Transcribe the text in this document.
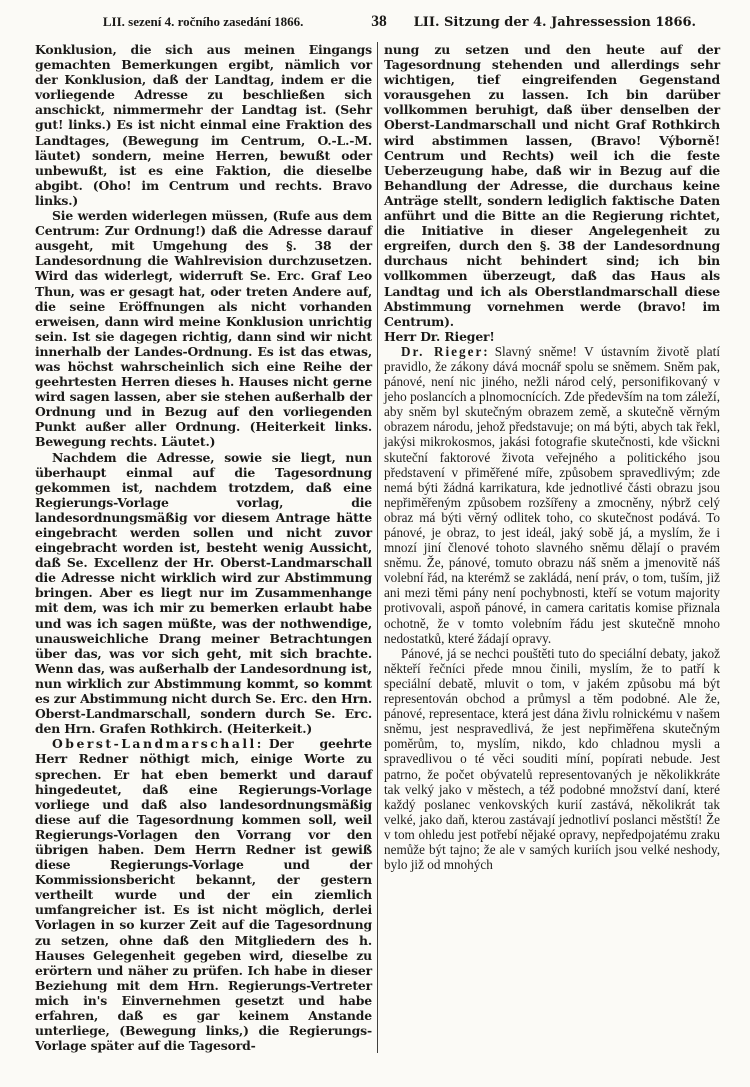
LII. sezení 4. ročního zasedání 1866.	38	LII. Sitzung der 4. Jahressession 1866.

Konklusion, die sich aus meinen Eingangs gemachten Bemerkungen ergibt, nämlich vor der Konklusion, daß der Landtag, indem er die vorliegende Adresse zu beschließen sich anschickt, nimmermehr der Landtag ist. (Sehr gut! links.) Es ist nicht einmal eine Fraktion des Landtages, (Bewegung im Centrum, O.-L.-M. läutet) sondern, meine Herren, bewußt oder unbewußt, ist es eine Faktion, die dieselbe abgibt. (Oho! im Centrum und rechts. Bravo links.)

Sie werden widerlegen müssen, (Rufe aus dem Centrum: Zur Ordnung!) daß die Adresse darauf ausgeht, mit Umgehung des §. 38 der Landesordnung die Wahlrevision durchzusetzen. Wird das widerlegt, widerruft Se. Erc. Graf Leo Thun, was er gesagt hat, oder treten Andere auf, die seine Eröffnungen als nicht vorhanden erweisen, dann wird meine Konklusion unrichtig sein. Ist sie dagegen richtig, dann sind wir nicht innerhalb der Landes-Ordnung. Es ist das etwas, was höchst wahrscheinlich sich eine Reihe der geehrtesten Herren dieses h. Hauses nicht gerne wird sagen lassen, aber sie stehen außerhalb der Ordnung und in Bezug auf den vorliegenden Punkt außer aller Ordnung. (Heiterkeit links. Bewegung rechts. Läutet.)

Nachdem die Adresse, sowie sie liegt, nun überhaupt einmal auf die Tagesordnung gekommen ist, nachdem trotzdem, daß eine Regierungs-Vorlage vorlag, die landesordnungsmäßig vor diesem Antrage hätte eingebracht werden sollen und nicht zuvor eingebracht worden ist, besteht wenig Aussicht, daß Se. Excellenz der Hr. Oberst-Landmarschall die Adresse nicht wirklich wird zur Abstimmung bringen. Aber es liegt nur im Zusammenhange mit dem, was ich mir zu bemerken erlaubt habe und was ich sagen müßte, was der nothwendige, unausweichliche Drang meiner Betrachtungen über das, was vor sich geht, mit sich brachte. Wenn das, was außerhalb der Landesordnung ist, nun wirklich zur Abstimmung kommt, so kommt es zur Abstimmung nicht durch Se. Erc. den Hrn. Oberst-Landmarschall, sondern durch Se. Erc. den Hrn. Grafen Rothkirch. (Heiterkeit.)

Oberst-Landmarschall: Der geehrte Herr Redner nöthigt mich, einige Worte zu sprechen. Er hat eben bemerkt und darauf hingedeutet, daß eine Regierungs-Vorlage vorliege und daß also landesordnungsmäßig diese auf die Tagesordnung kommen soll, weil Regierungs-Vorlagen den Vorrang vor den übrigen haben. Dem Herrn Redner ist gewiß diese Regierungs-Vorlage und der Kommissionsbericht bekannt, der gestern vertheilt wurde und der ein ziemlich umfangreicher ist. Es ist nicht möglich, derlei Vorlagen in so kurzer Zeit auf die Tagesordnung zu setzen, ohne daß den Mitgliedern des h. Hauses Gelegenheit gegeben wird, dieselbe zu erörtern und näher zu prüfen. Ich habe in dieser Beziehung mit dem Hrn. Regierungs-Vertreter mich in's Einvernehmen gesetzt und habe erfahren, daß es gar keinem Anstande unterliege, (Bewegung links,) die Regierungs-Vorlage später auf die Tagesord-

nung zu setzen und den heute auf der Tagesordnung stehenden und allerdings sehr wichtigen, tief eingreifenden Gegenstand vorausgehen zu lassen. Ich bin darüber vollkommen beruhigt, daß über denselben der Oberst-Landmarschall und nicht Graf Rothkirch wird abstimmen lassen, (Bravo! Výborně! Centrum und Rechts) weil ich die feste Ueberzeugung habe, daß wir in Bezug auf die Behandlung der Adresse, die durchaus keine Anträge stellt, sondern lediglich faktische Daten anführt und die Bitte an die Regierung richtet, die Initiative in dieser Angelegenheit zu ergreifen, durch den §. 38 der Landesordnung durchaus nicht behindert sind; ich bin vollkommen überzeugt, daß das Haus als Landtag und ich als Oberstlandmarschall diese Abstimmung vornehmen werde (bravo! im Centrum).

Herr Dr. Rieger!

Dr. Rieger: Slavný sněme! V ústavním životě platí pravidlo, že zákony dává mocnář spolu se sněmem. Sněm pak, pánové, není nic jiného, nežli národ celý, personifikovaný v jeho poslancích a plnomocnících. Zde především na tom záleží, aby sněm byl skutečným obrazem země, a skutečně věrným obrazem národu, jehož představuje; on má býti, abych tak řekl, jakýsi mikrokosmos, jakási fotografie skutečnosti, kde všickni skuteční faktorové života veřejného a politického jsou představení v přiměřené míře, způsobem spravedlivým; zde nemá býti žádná karrikatura, kde jednotlivé části obrazu jsou nepřiměřeným způsobem rozšířeny a zmocněny, nýbrž celý obraz má býti věrný odlitek toho, co skutečnost podává. To pánové, je obraz, to jest ideál, jaký sobě já, a myslím, že i mnozí jiní členové tohoto slavného sněmu dělají o pravém sněmu. Že, pánové, tomuto obrazu náš sněm a jmenovitě náš volební řád, na kterémž se zakládá, není práv, o tom, tuším, již ani mezi těmi pány není pochybnosti, kteří se votum majority protivovali, aspoň pánové, in camera caritatis komise přiznala ochotně, že v tomto volebním řádu jest skutečně mnoho nedostatků, které žádají opravy.

Pánové, já se nechci pouštěti tuto do speciální debaty, jakož někteří řečníci přede mnou činili, myslím, že to patří k speciální debatě, mluvit o tom, v jakém způsobu má být representován obchod a průmysl a těm podobné. Ale že, pánové, representace, která jest dána živlu rolnickému v našem sněmu, jest nespravedlivá, že jest nepřiměřena skutečným poměrům, to, myslím, nikdo, kdo chladnou mysli a spravedlivou o té věci souditi míní, popírati nebude. Jest patrno, že počet obývatelů representovaných je několikkráte tak velký jako v městech, a též podobné množství daní, které každý poslanec venkovských kurií zastává, několikrát tak velké, jako daň, kterou zastávají jednotliví poslanci městští! Že v tom ohledu jest potřebí nějaké opravy, nepředpojatému zraku nemůže být tajno; že ale v samých kuriích jsou velké neshody, bylo již od mnohých
